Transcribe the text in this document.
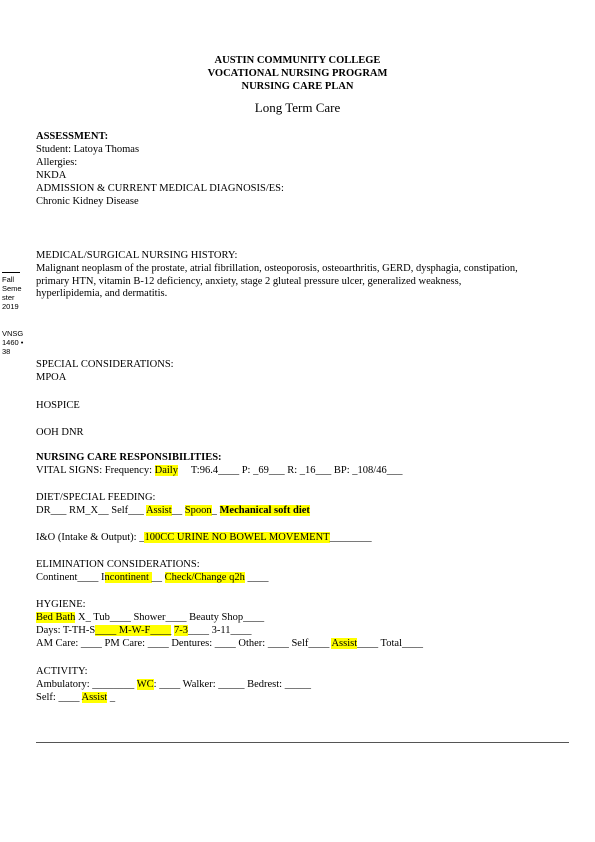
AUSTIN COMMUNITY COLLEGE
VOCATIONAL NURSING PROGRAM
NURSING CARE PLAN
Long Term Care
ASSESSMENT:
Student: Latoya Thomas
Allergies:
NKDA
ADMISSION & CURRENT MEDICAL DIAGNOSIS/ES:
Chronic Kidney Disease
Fall
Seme
ster
2019
VNSG
1460 •
38
MEDICAL/SURGICAL NURSING HISTORY:
Malignant neoplasm of the prostate, atrial fibrillation, osteoporosis, osteoarthritis, GERD, dysphagia, constipation, primary HTN, vitamin B-12 deficiency, anxiety, stage 2 gluteal pressure ulcer, generalized weakness, hyperlipidemia, and dermatitis.
SPECIAL CONSIDERATIONS:
MPOA
HOSPICE
OOH DNR
NURSING CARE RESPONSIBILITIES:
VITAL SIGNS: Frequency: Daily     T:96.4____ P: _69___ R: _16___ BP: _108/46___
DIET/SPECIAL FEEDING:
DR___ RM_X__ Self___ Assist__ Spoon_ Mechanical soft diet
I&O (Intake & Output): _100CC URINE NO BOWEL MOVEMENT________
ELIMINATION CONSIDERATIONS:
Continent____ Incontinent __ Check/Change q2h ____
HYGIENE:
Bed Bath X_ Tub____ Shower____ Beauty Shop____
Days: T-TH-S____ M-W-F____ 7-3____ 3-11____
AM Care: ____ PM Care: ____ Dentures: ____ Other: ____ Self____ Assist____ Total____
ACTIVITY:
Ambulatory: ________ WC: ____ Walker: _____ Bedrest: _____
Self: ____ Assist _
